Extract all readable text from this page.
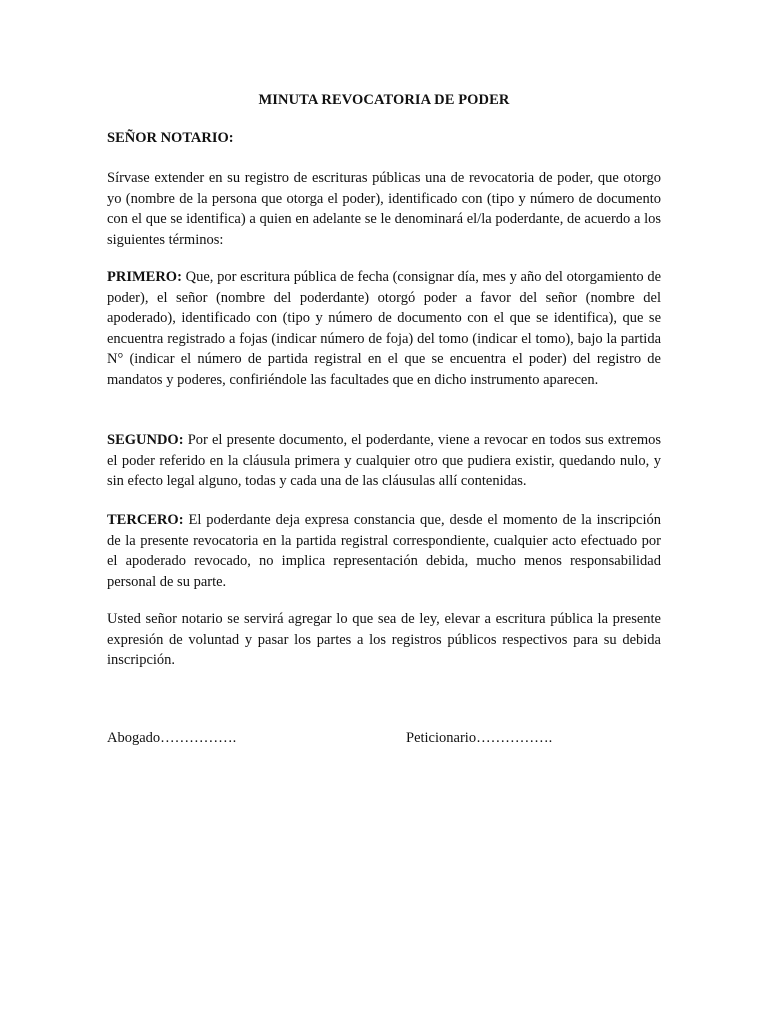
MINUTA REVOCATORIA DE PODER
SEÑOR NOTARIO:

Sírvase extender en su registro de escrituras públicas una de revocatoria de poder, que otorgo yo (nombre de la persona que otorga el poder), identificado con (tipo y número de documento con el que se identifica) a quien en adelante se le denominará el/la poderdante, de acuerdo a los siguientes términos:

PRIMERO: Que, por escritura pública de fecha (consignar día, mes y año del otorgamiento de poder), el señor (nombre del poderdante) otorgó poder a favor del señor (nombre del apoderado), identificado con (tipo y número de documento con el que se identifica), que se encuentra registrado a fojas (indicar número de foja) del tomo (indicar el tomo), bajo la partida N° (indicar el número de partida registral en el que se encuentra el poder) del registro de mandatos y poderes, confiriéndole las facultades que en dicho instrumento aparecen.

SEGUNDO: Por el presente documento, el poderdante, viene a revocar en todos sus extremos el poder referido en la cláusula primera y cualquier otro que pudiera existir, quedando nulo, y sin efecto legal alguno, todas y cada una de las cláusulas allí contenidas.

TERCERO: El poderdante deja expresa constancia que, desde el momento de la inscripción de la presente revocatoria en la partida registral correspondiente, cualquier acto efectuado por el apoderado revocado, no implica representación debida, mucho menos responsabilidad personal de su parte.

Usted señor notario se servirá agregar lo que sea de ley, elevar a escritura pública la presente expresión de voluntad y pasar los partes a los registros públicos respectivos para su debida inscripción.

Abogado…………….	Peticionario…………….
